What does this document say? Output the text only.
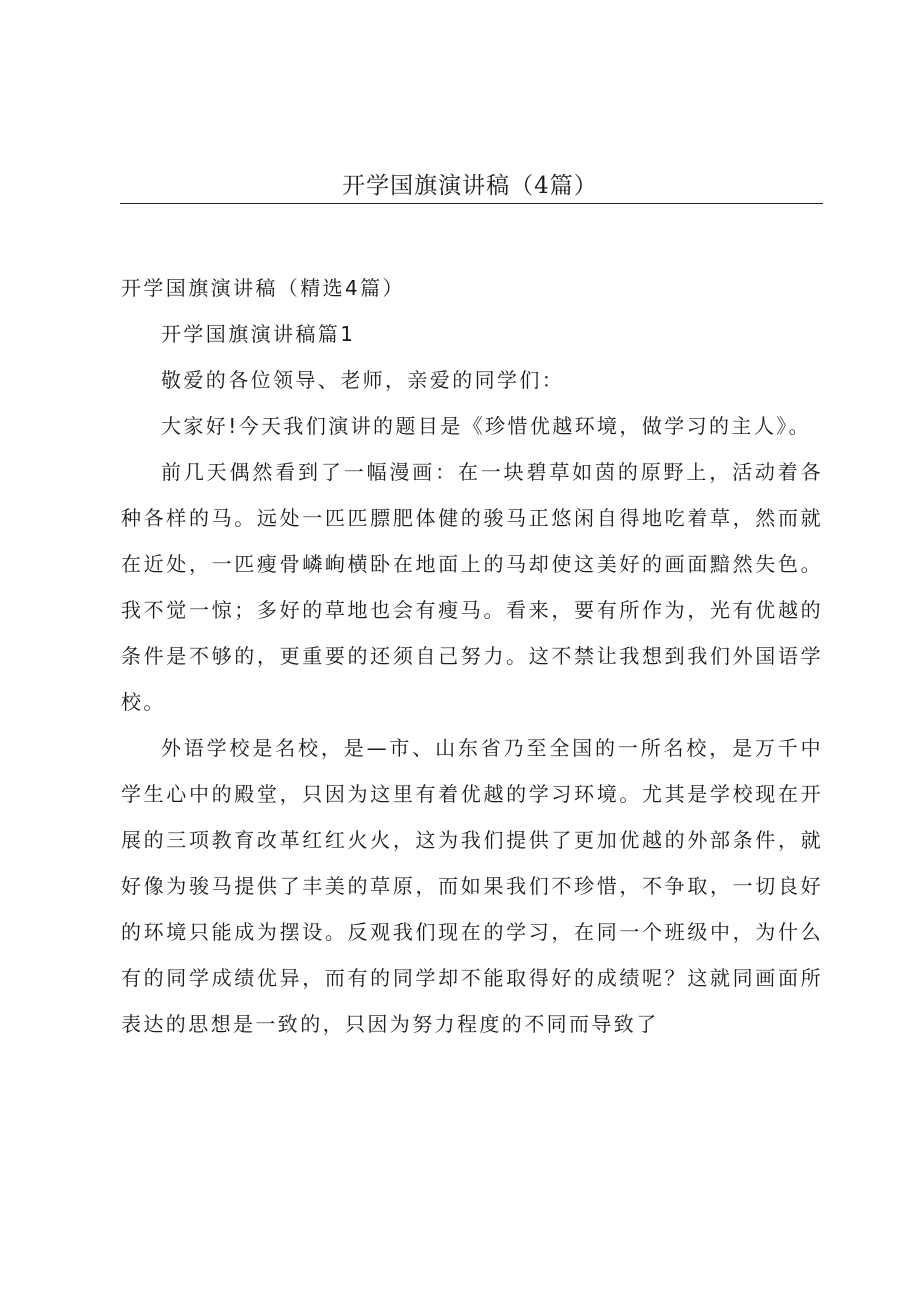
开学国旗演讲稿（4篇）

开学国旗演讲稿（精选4篇）

开学国旗演讲稿篇1

敬爱的各位领导、老师，亲爱的同学们：

大家好!今天我们演讲的题目是《珍惜优越环境，做学习的主人》。

前几天偶然看到了一幅漫画：在一块碧草如茵的原野上，活动着各种各样的马。远处一匹匹膘肥体健的骏马正悠闲自得地吃着草，然而就在近处，一匹瘦骨嶙峋横卧在地面上的马却使这美好的画面黯然失色。我不觉一惊；多好的草地也会有瘦马。看来，要有所作为，光有优越的条件是不够的，更重要的还须自己努力。这不禁让我想到我们外国语学校。

外语学校是名校，是—市、山东省乃至全国的一所名校，是万千中学生心中的殿堂，只因为这里有着优越的学习环境。尤其是学校现在开展的三项教育改革红红火火，这为我们提供了更加优越的外部条件，就好像为骏马提供了丰美的草原，而如果我们不珍惜，不争取，一切良好的环境只能成为摆设。反观我们现在的学习，在同一个班级中，为什么有的同学成绩优异，而有的同学却不能取得好的成绩呢？这就同画面所表达的思想是一致的，只因为努力程度的不同而导致了
